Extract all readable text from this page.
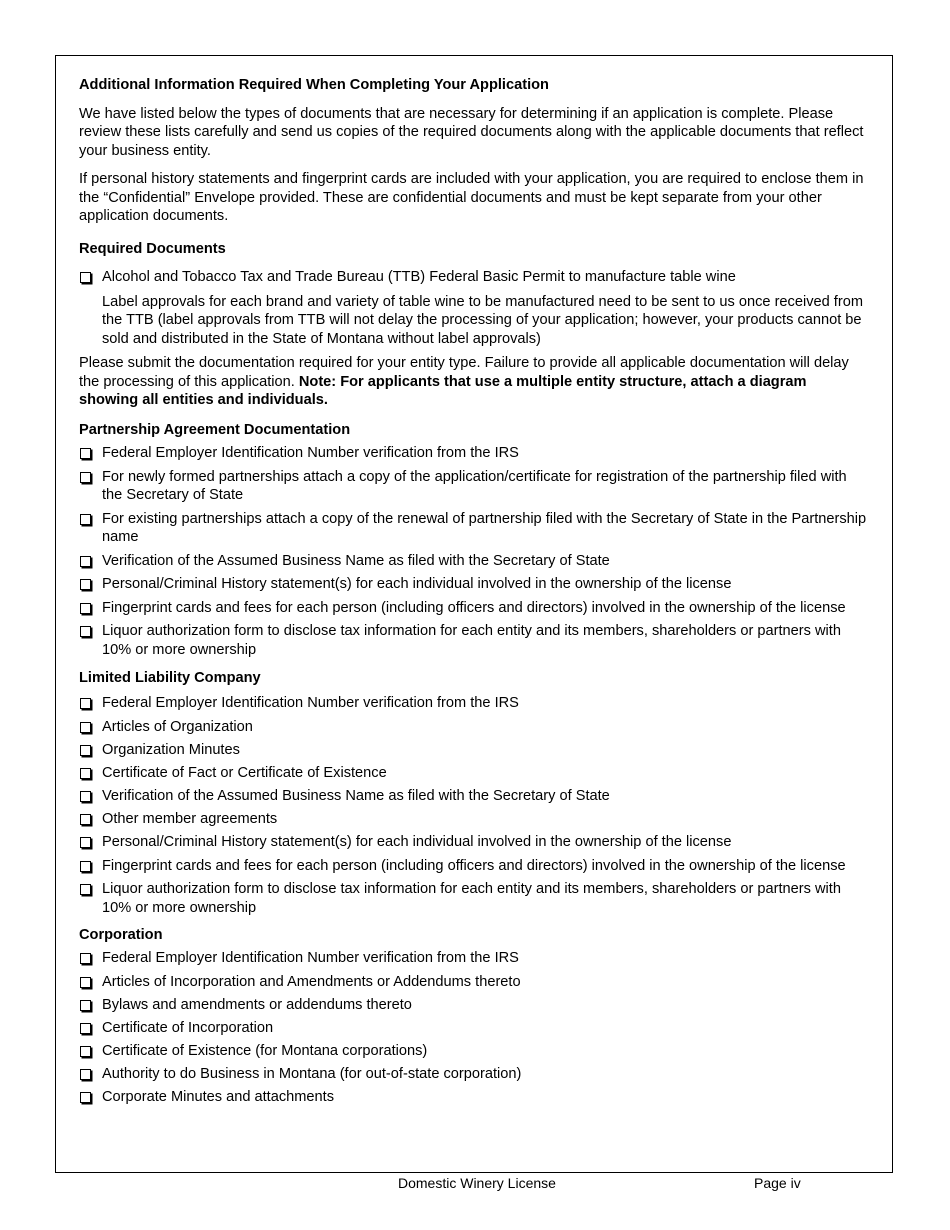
Additional Information Required When Completing Your Application

We have listed below the types of documents that are necessary for determining if an application is complete. Please review these lists carefully and send us copies of the required documents along with the applicable documents that reflect your business entity.

If personal history statements and fingerprint cards are included with your application, you are required to enclose them in the “Confidential” Envelope provided. These are confidential documents and must be kept separate from your other application documents.

Required Documents
Alcohol and Tobacco Tax and Trade Bureau (TTB) Federal Basic Permit to manufacture table wine

Label approvals for each brand and variety of table wine to be manufactured need to be sent to us once received from the TTB (label approvals from TTB will not delay the processing of your application; however, your products cannot be sold and distributed in the State of Montana without label approvals)

Please submit the documentation required for your entity type. Failure to provide all applicable documentation will delay the processing of this application. Note: For applicants that use a multiple entity structure, attach a diagram showing all entities and individuals.

Partnership Agreement Documentation
Federal Employer Identification Number verification from the IRS
For newly formed partnerships attach a copy of the application/certificate for registration of the partnership filed with the Secretary of State
For existing partnerships attach a copy of the renewal of partnership filed with the Secretary of State in the Partnership name
Verification of the Assumed Business Name as filed with the Secretary of State
Personal/Criminal History statement(s) for each individual involved in the ownership of the license
Fingerprint cards and fees for each person (including officers and directors) involved in the ownership of the license
Liquor authorization form to disclose tax information for each entity and its members, shareholders or partners with 10% or more ownership
Limited Liability Company
Federal Employer Identification Number verification from the IRS
Articles of Organization
Organization Minutes
Certificate of Fact or Certificate of Existence
Verification of the Assumed Business Name as filed with the Secretary of State
Other member agreements
Personal/Criminal History statement(s) for each individual involved in the ownership of the license
Fingerprint cards and fees for each person (including officers and directors) involved in the ownership of the license
Liquor authorization form to disclose tax information for each entity and its members, shareholders or partners with 10% or more ownership
Corporation
Federal Employer Identification Number verification from the IRS
Articles of Incorporation and Amendments or Addendums thereto
Bylaws and amendments or addendums thereto
Certificate of Incorporation
Certificate of Existence (for Montana corporations)
Authority to do Business in Montana (for out-of-state corporation)
Corporate Minutes and attachments
Domestic Winery License	Page iv
